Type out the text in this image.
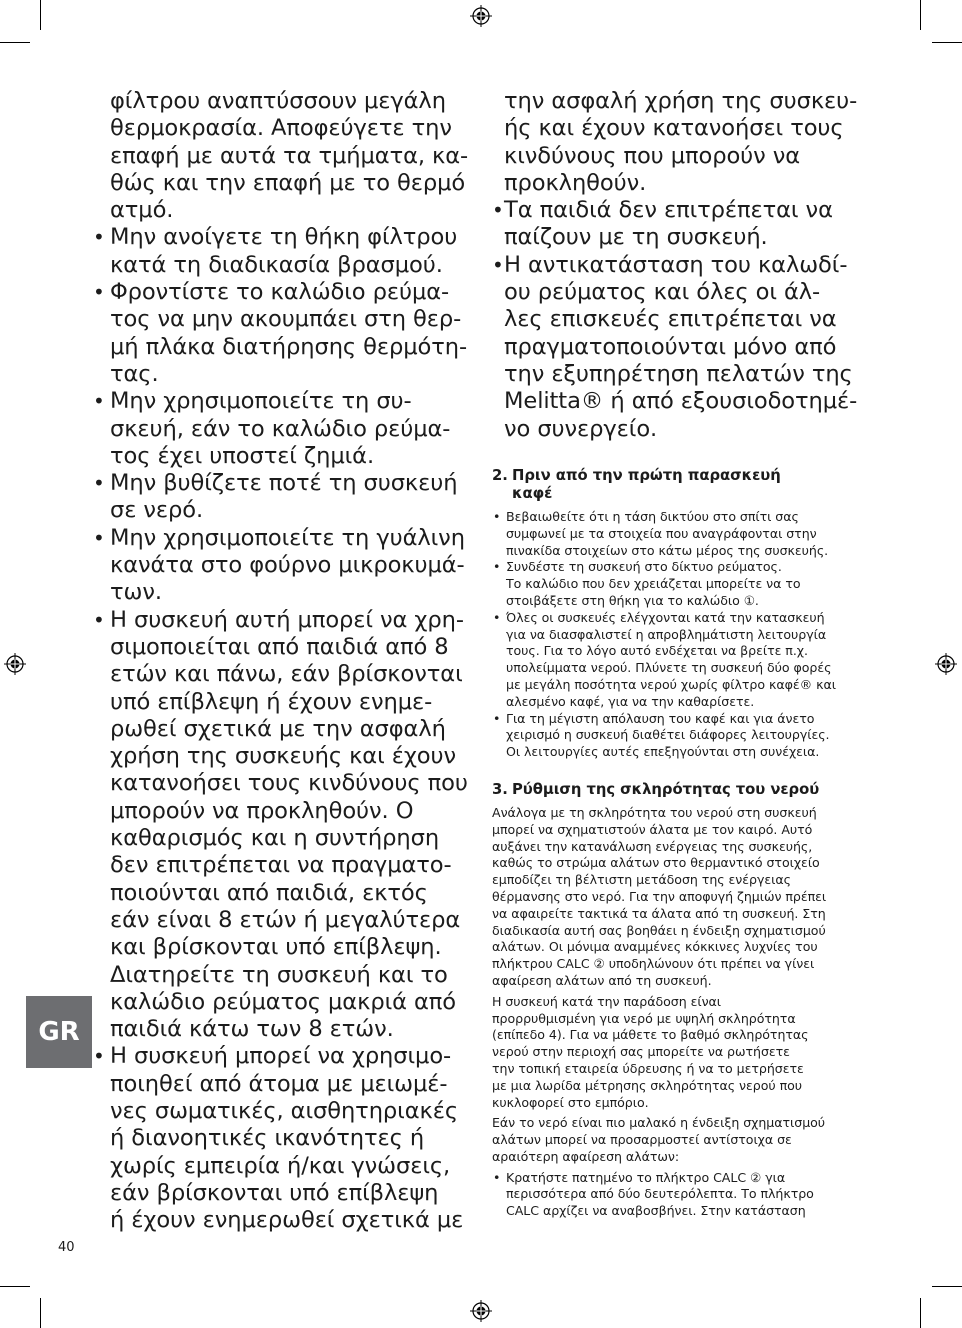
φίλτρου αναπτύσσουν μεγάλη
θερμοκρασία. Αποφεύγετε την
επαφή με αυτά τα τμήματα, κα-
θώς και την επαφή με το θερμό
ατμό.

• Μην ανοίγετε τη θήκη φίλτρου
κατά τη διαδικασία βρασμού.
• Φροντίστε το καλώδιο ρεύμα-
τος να μην ακουμπάει στη θερ-
μή πλάκα διατήρησης θερμότη-
τας.
• Μην χρησιμοποιείτε τη συ-
σκευή, εάν το καλώδιο ρεύμα-
τος έχει υποστεί ζημιά.
• Μην βυθίζετε ποτέ τη συσκευή
σε νερό.
• Μην χρησιμοποιείτε τη γυάλινη
κανάτα στο φούρνο μικροκυμά-
των.
• Η συσκευή αυτή μπορεί να χρη-
σιμοποιείται από παιδιά από 8
ετών και πάνω, εάν βρίσκονται
υπό επίβλεψη ή έχουν ενημε-
ρωθεί σχετικά με την ασφαλή
χρήση της συσκευής και έχουν
κατανοήσει τους κινδύνους που
μπορούν να προκληθούν. Ο
καθαρισμός και η συντήρηση
δεν επιτρέπεται να πραγματο-
ποιούνται από παιδιά, εκτός
εάν είναι 8 ετών ή μεγαλύτερα
και βρίσκονται υπό επίβλεψη.
Διατηρείτε τη συσκευή και το
καλώδιο ρεύματος μακριά από
παιδιά κάτω των 8 ετών.
• Η συσκευή μπορεί να χρησιμο-
ποιηθεί από άτομα με μειωμέ-
νες σωματικές, αισθητηριακές
ή διανοητικές ικανότητες ή
χωρίς εμπειρία ή/και γνώσεις,
εάν βρίσκονται υπό επίβλεψη
ή έχουν ενημερωθεί σχετικά με

την ασφαλή χρήση της συσκευ-
ής και έχουν κατανοήσει τους
κινδύνους που μπορούν να
προκληθούν.

• Τα παιδιά δεν επιτρέπεται να
παίζουν με τη συσκευή.
• Η αντικατάσταση του καλωδί-
ου ρεύματος και όλες οι άλ-
λες επισκευές επιτρέπεται να
πραγματοποιούνται μόνο από
την εξυπηρέτηση πελατών της
Melitta® ή από εξουσιοδοτημέ-
νο συνεργείο.
2. Πριν από την πρώτη παρασκευή
καφέ
• Βεβαιωθείτε ότι η τάση δικτύου στο σπίτι σας
συμφωνεί με τα στοιχεία που αναγράφονται στην
πινακίδα στοιχείων στο κάτω μέρος της συσκευής.
• Συνδέστε τη συσκευή στο δίκτυο ρεύματος.
Το καλώδιο που δεν χρειάζεται μπορείτε να το
στοιβάξετε στη θήκη για το καλώδιο ①.
• Όλες οι συσκευές ελέγχονται κατά την κατασκευή
για να διασφαλιστεί η απροβλημάτιστη λειτουργία
τους. Για το λόγο αυτό ενδέχεται να βρείτε π.χ.
υπολείμματα νερού. Πλύνετε τη συσκευή δύο φορές
με μεγάλη ποσότητα νερού χωρίς φίλτρο καφέ® και
αλεσμένο καφέ, για να την καθαρίσετε.
• Για τη μέγιστη απόλαυση του καφέ και για άνετο
χειρισμό η συσκευή διαθέτει διάφορες λειτουργίες.
Οι λειτουργίες αυτές επεξηγούνται στη συνέχεια.
3. Ρύθμιση της σκληρότητας του νερού

Ανάλογα με τη σκληρότητα του νερού στη συσκευή
μπορεί να σχηματιστούν άλατα με τον καιρό. Αυτό
αυξάνει την κατανάλωση ενέργειας της συσκευής,
καθώς το στρώμα αλάτων στο θερμαντικό στοιχείο
εμποδίζει τη βέλτιστη μετάδοση της ενέργειας
θέρμανσης στο νερό. Για την αποφυγή ζημιών πρέπει
να αφαιρείτε τακτικά τα άλατα από τη συσκευή. Στη
διαδικασία αυτή σας βοηθάει η ένδειξη σχηματισμού
αλάτων. Οι μόνιμα αναμμένες κόκκινες λυχνίες του
πλήκτρου CALC ② υποδηλώνουν ότι πρέπει να γίνει
αφαίρεση αλάτων από τη συσκευή.

Η συσκευή κατά την παράδοση είναι
προρρυθμισμένη για νερό με υψηλή σκληρότητα
(επίπεδο 4). Για να μάθετε το βαθμό σκληρότητας
νερού στην περιοχή σας μπορείτε να ρωτήσετε
την τοπική εταιρεία ύδρευσης ή να το μετρήσετε
με μια λωρίδα μέτρησης σκληρότητας νερού που
κυκλοφορεί στο εμπόριο.

Εάν το νερό είναι πιο μαλακό η ένδειξη σχηματισμού
αλάτων μπορεί να προσαρμοστεί αντίστοιχα σε
αραιότερη αφαίρεση αλάτων:

• Κρατήστε πατημένο το πλήκτρο CALC ② για
περισσότερα από δύο δευτερόλεπτα. Το πλήκτρο
CALC αρχίζει να αναβοσβήνει. Στην κατάσταση
GR
40
